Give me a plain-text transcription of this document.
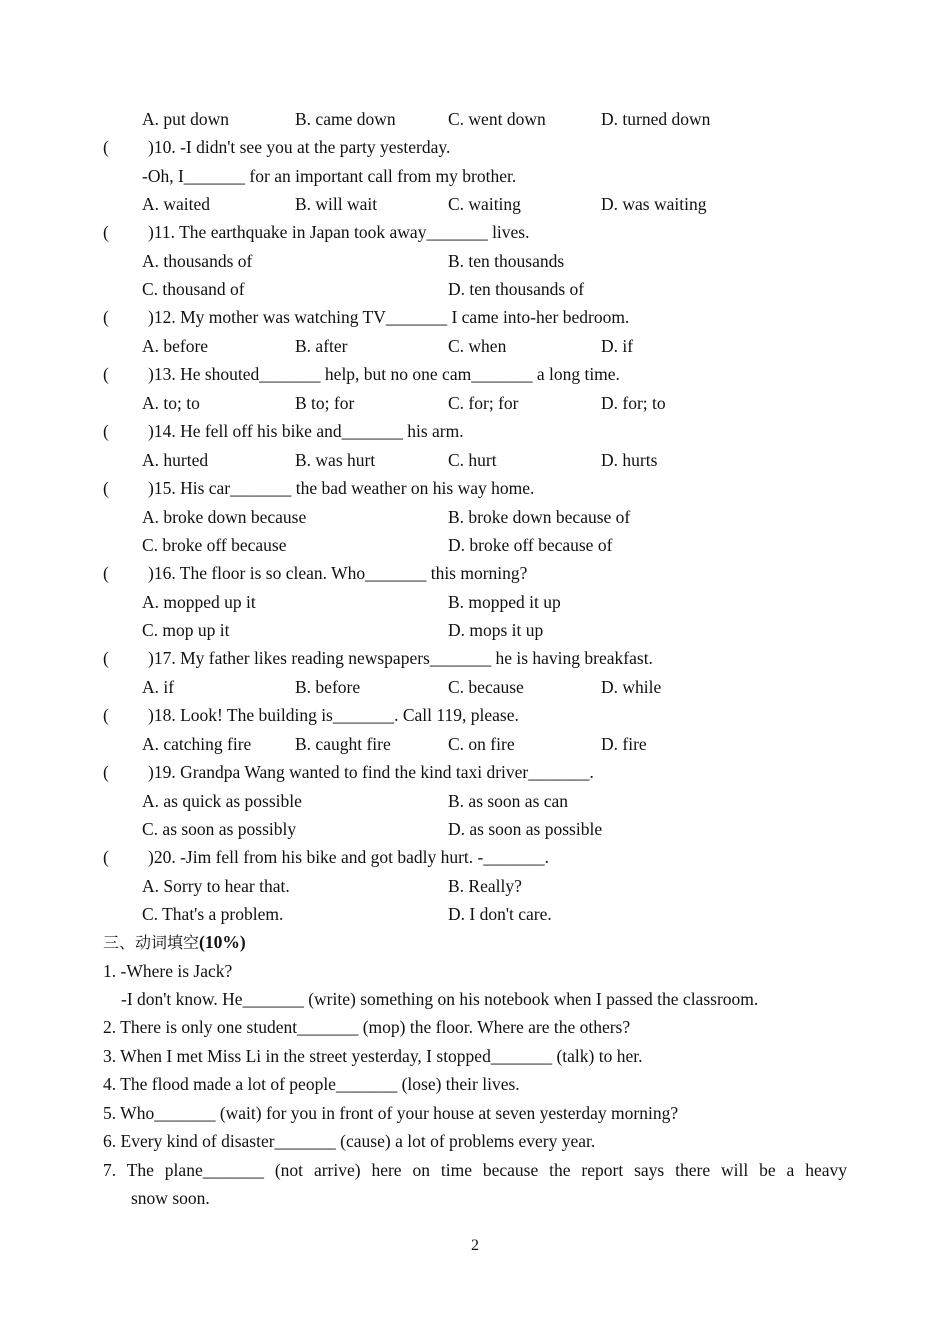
A. put down	B. came down	C. went down	D. turned down
( )10. -I didn't see you at the party yesterday.
-Oh, I_______ for an important call from my brother.
A. waited	B. will wait	C. waiting	D. was waiting
( )11. The earthquake in Japan took away_______ lives.
A. thousands of	B. ten thousands
C. thousand of	D. ten thousands of
( )12. My mother was watching TV_______ I came into-her bedroom.
A. before	B. after	C. when	D. if
( )13. He shouted_______ help, but no one cam_______ a long time.
A. to; to	B to; for	C. for; for	D. for; to
( )14. He fell off his bike and_______ his arm.
A. hurted	B. was hurt	C. hurt	D. hurts
( )15. His car_______ the bad weather on his way home.
A. broke down because	B. broke down because of
C. broke off because	D. broke off because of
( )16. The floor is so clean. Who_______ this morning?
A. mopped up it	B. mopped it up
C. mop up it	D. mops it up
( )17. My father likes reading newspapers_______ he is having breakfast.
A. if	B. before	C. because	D. while
( )18. Look! The building is_______. Call 119, please.
A. catching fire B. caught fire	C. on fire	D. fire
( )19. Grandpa Wang wanted to find the kind taxi driver_______.
A. as quick as possible	B. as soon as can
C. as soon as possibly	D. as soon as possible
( )20. -Jim fell from his bike and got badly hurt. -_______.
A. Sorry to hear that.	B. Really?
C. That's a problem.	D. I don't care.
三、动词填空(10%)
1. -Where is Jack?
-I don't know. He_______ (write) something on his notebook when I passed the classroom.
2. There is only one student_______ (mop) the floor. Where are the others?
3. When I met Miss Li in the street yesterday, I stopped_______ (talk) to her.
4. The flood made a lot of people_______ (lose) their lives.
5. Who_______ (wait) for you in front of your house at seven yesterday morning?
6. Every kind of disaster_______ (cause) a lot of problems every year.
7. The plane_______ (not arrive) here on time because the report says there will be a heavy
snow soon.
2
